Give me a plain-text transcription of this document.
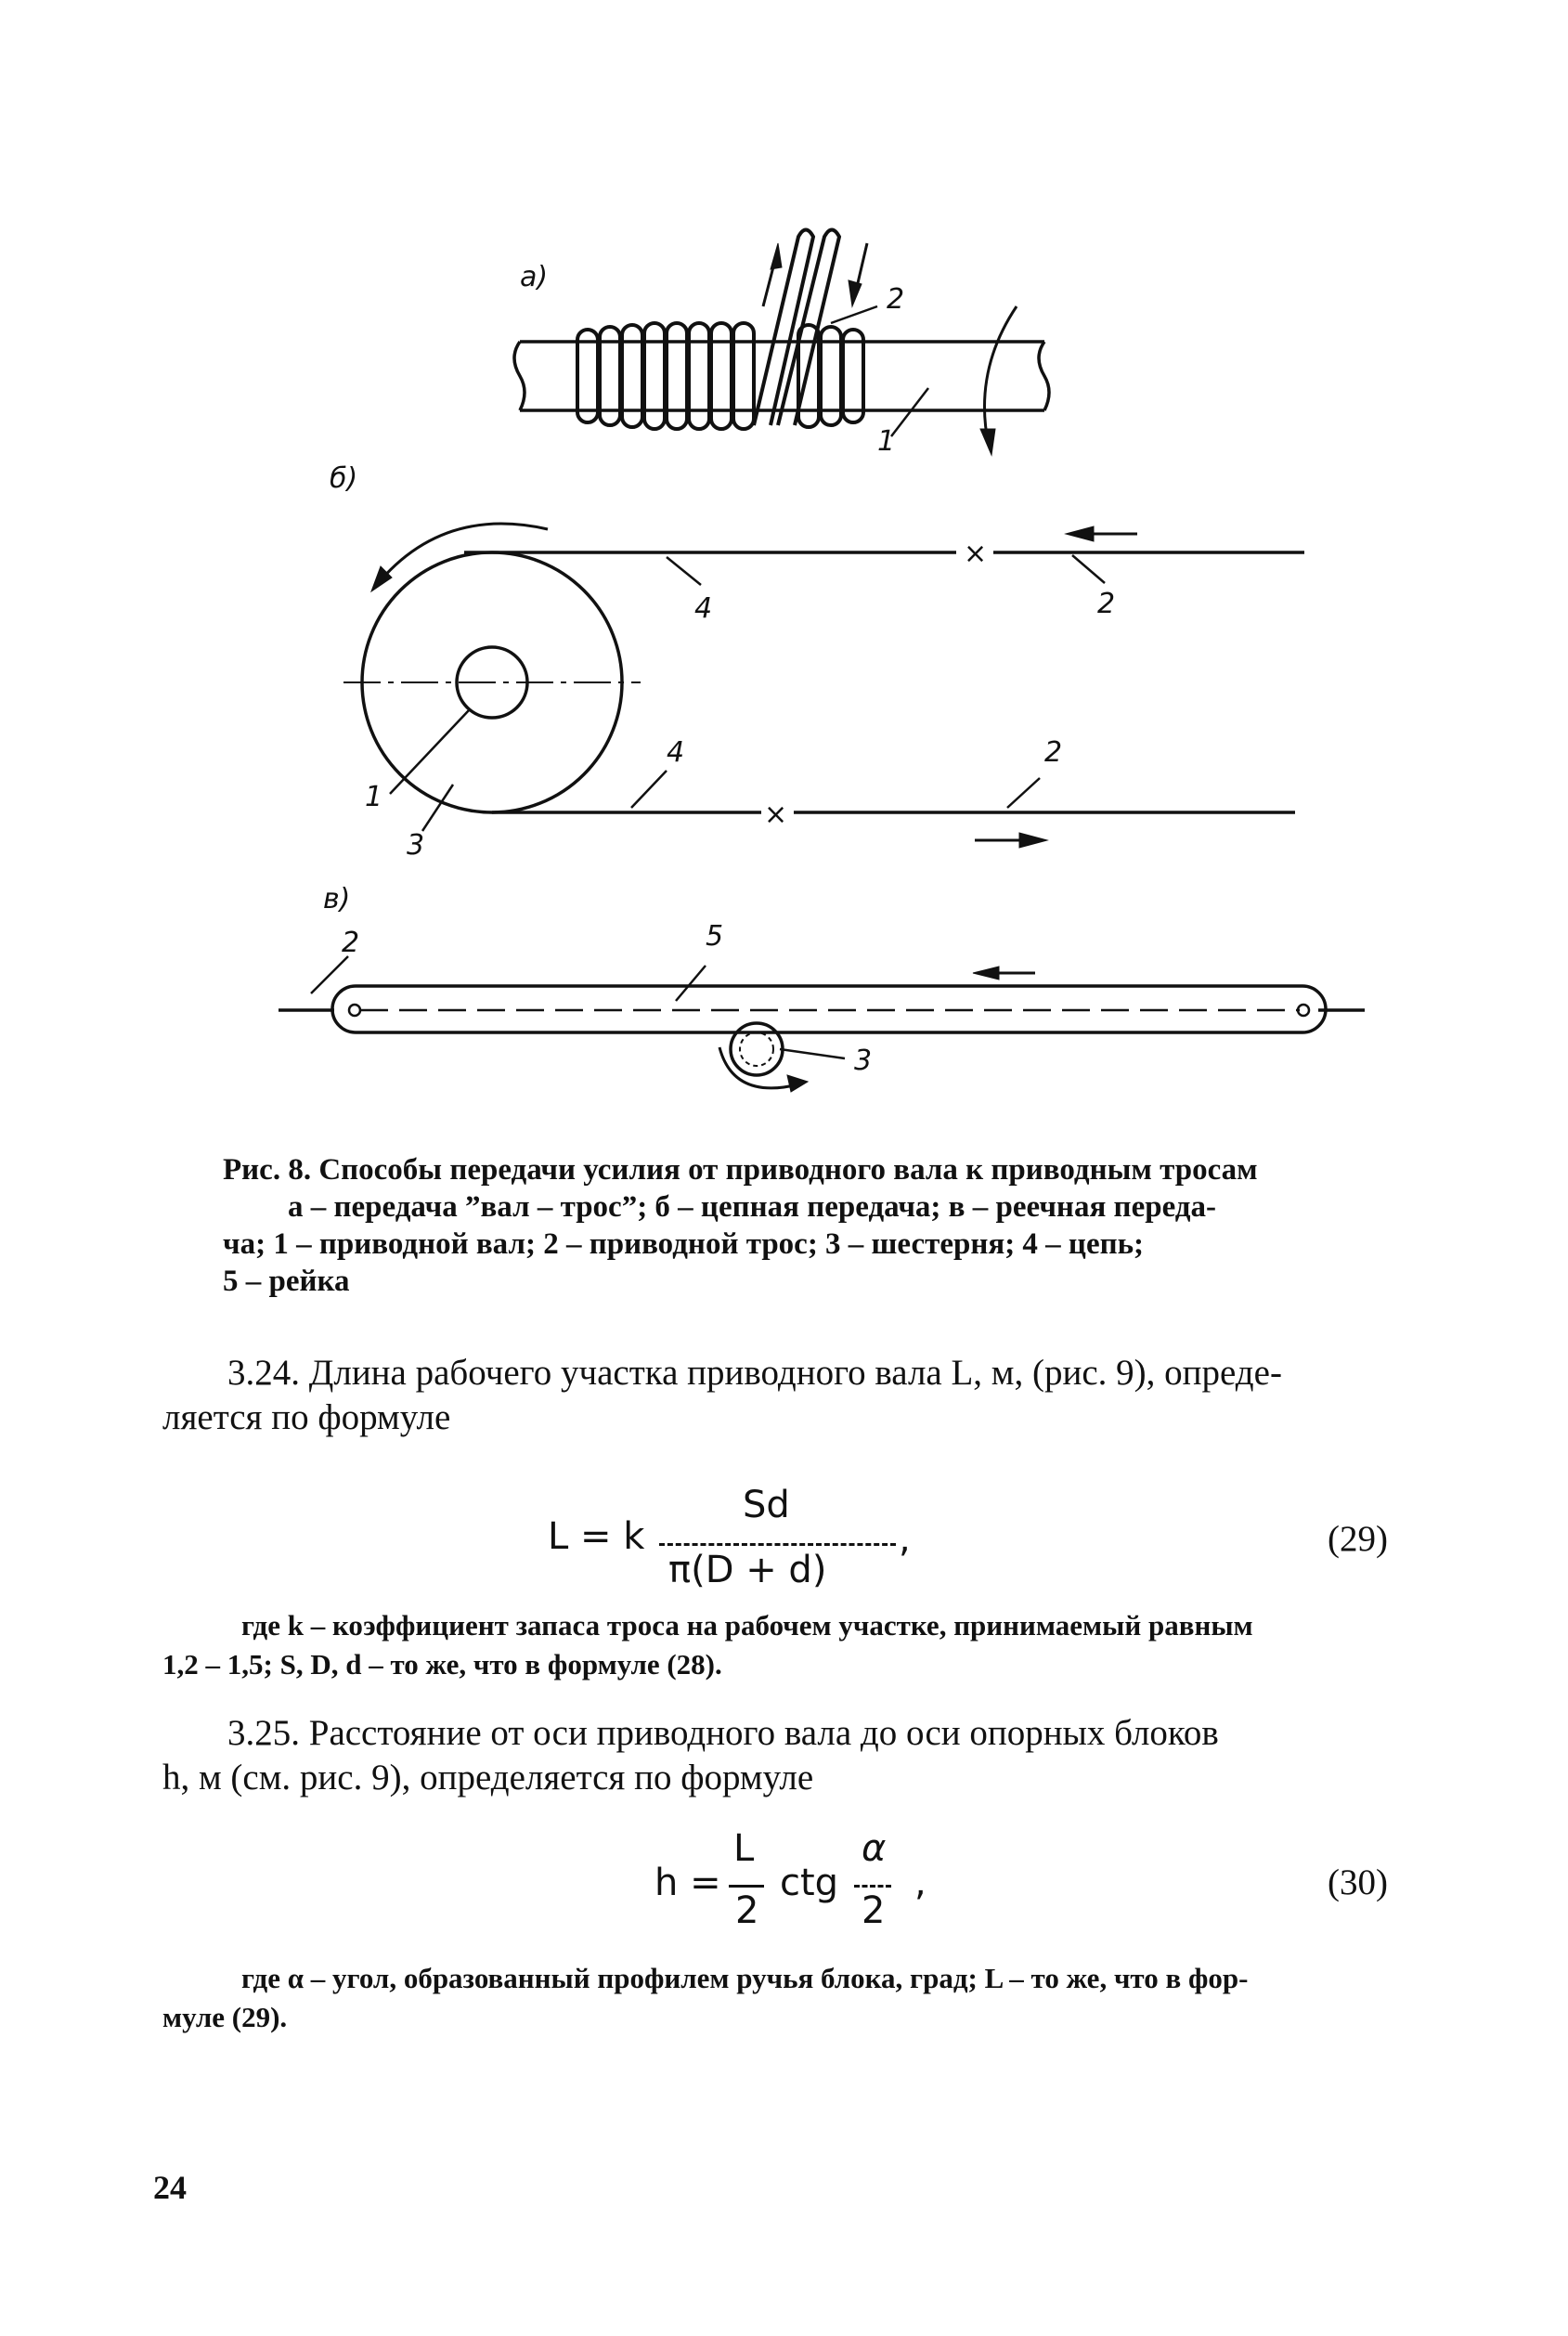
а)
2
1
б)
×
4	2
4	2
×
1
3
в)
2	5
3
Рис. 8. Способы передачи усилия от приводного вала к приводным тросам
а – передача ”вал – трос”; б – цепная передача; в – реечная переда-
ча; 1 – приводной вал; 2 – приводной трос; 3 – шестерня; 4 – цепь;
5 – рейка
3.24. Длина рабочего участка приводного вала L, м, (рис. 9), опреде-
ляется по формуле
L = k
Sd
π(D + d)
,	(29)
где k – коэффициент запаса троса на рабочем участке, принимаемый равным
1,2 – 1,5; S, D, d – то же, что в формуле (28).
3.25. Расстояние от оси приводного вала до оси опорных блоков
h, м (см. рис. 9), определяется по формуле
h =
L
2
ctg
α
2
,	(30)
где α – угол, образованный профилем ручья блока, град; L – то же, что в фор-
муле (29).
24
